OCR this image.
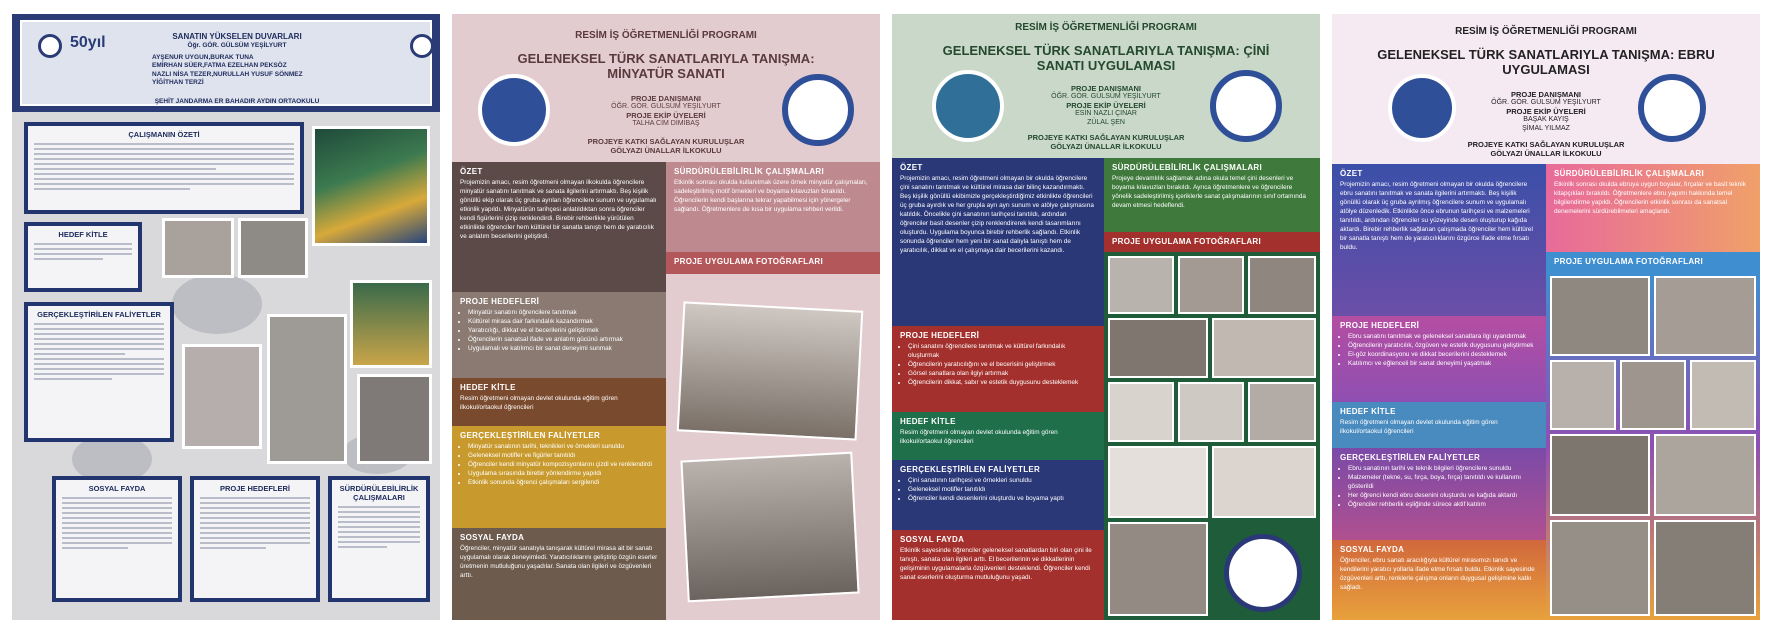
50yıl	SANATIN YÜKSELEN DUVARLARI
Öğr. GÖR. GÜLSÜM YEŞİLYURT
AYŞENUR UYGUN,BURAK TUNA
EMİRHAN SÜER,FATMA EZELHAN PEKSÖZ
NAZLI NİSA TEZER,NURULLAH YUSUF SÖNMEZ
YİĞİTHAN TERZİ
ŞEHİT JANDARMA ER BAHADIR AYDIN ORTAOKULU
ÇALIŞMANIN ÖZETİ
HEDEF KİTLE
GERÇEKLEŞTİRİLEN FALİYETLER
SOSYAL FAYDA	PROJE HEDEFLERİ	SÜRDÜRÜLEBİLİRLİK ÇALIŞMALARI
RESİM İŞ ÖĞRETMENLİĞİ PROGRAMI
GELENEKSEL TÜRK SANATLARIYLA TANIŞMA: MİNYATÜR SANATI
PROJE DANIŞMANI
ÖĞR. GÖR. GÜLSÜM YEŞİLYURT
PROJE EKİP ÜYELERİ
TALHA CİM DİMİBAŞ
PROJEYE KATKI SAĞLAYAN KURULUŞLAR
GÖLYAZI ÜNALLAR İLKOKULU
ÖZET
Projemizin amacı, resim öğretmeni olmayan ilkokulda öğrencilere minyatür sanatını tanıtmak ve sanata ilgilerini artırmaktı. Beş kişilik gönüllü ekip olarak üç gruba ayrılan öğrencilere sunum ve uygulamalı etkinlik yapıldı. Minyatürün tarihçesi anlatıldıktan sonra öğrenciler kendi figürlerini çizip renklendirdi. Birebir rehberlikle yürütülen etkinlikte öğrenciler hem kültürel bir sanatla tanıştı hem de yaratıcılık ve anlatım becerilerini geliştirdi.
PROJE HEDEFLERİ
• Minyatür sanatını öğrencilere tanıtmak
• Kültürel mirasa dair farkındalık kazandırmak
• Yaratıcılığı, dikkat ve el becerilerini geliştirmek
• Öğrencilerin sanatsal ifade ve anlatım gücünü artırmak
• Uygulamalı ve katılımcı bir sanat deneyimi sunmak
HEDEF KİTLE
Resim öğretmeni olmayan devlet okulunda eğitim gören ilkokul/ortaokul öğrencileri
GERÇEKLEŞTİRİLEN FALİYETLER
• Minyatür sanatının tarihi, teknikleri ve örnekleri sunuldu
• Geleneksel motifler ve figürler tanıtıldı
• Öğrenciler kendi minyatür kompozisyonlarını çizdi ve renklendirdi
• Uygulama sırasında birebir yönlendirme yapıldı
• Etkinlik sonunda öğrenci çalışmaları sergilendi
SOSYAL FAYDA
Öğrenciler, minyatür sanatıyla tanışarak kültürel mirasa ait bir sanatı uygulamalı olarak deneyimledi. Yaratıcılıklarını geliştirip özgün eserler üretmenin mutluluğunu yaşadılar. Sanata olan ilgileri ve özgüvenleri arttı.
SÜRDÜRÜLEBİLİRLİK ÇALIŞMALARI
Etkinlik sonrası okulda kullanılmak üzere örnek minyatür çalışmaları, sadeleştirilmiş motif örnekleri ve boyama kılavuzları bırakıldı. Öğrencilerin kendi başlarına tekrar yapabilmesi için yönergeler sağlandı. Öğretmenlere de kısa bir uygulama rehberi verildi.
PROJE UYGULAMA FOTOĞRAFLARI
RESİM İŞ ÖĞRETMENLİĞİ PROGRAMI
GELENEKSEL TÜRK SANATLARIYLA TANIŞMA: ÇİNİ SANATI UYGULAMASI
PROJE DANIŞMANI
ÖĞR. GÖR. GÜLSÜM YEŞİLYURT
PROJE EKİP ÜYELERİ
ESİN NAZLI ÇINAR
ZÜLAL ŞEN
PROJEYE KATKI SAĞLAYAN KURULUŞLAR
GÖLYAZI ÜNALLAR İLKOKULU
ÖZET
Projemizin amacı, resim öğretmeni olmayan bir okulda öğrencilere çini sanatını tanıtmak ve kültürel mirasa dair bilinç kazandırmaktı. Beş kişilik gönüllü ekibimizle gerçekleştirdiğimiz etkinlikte öğrencileri üç gruba ayırdık ve her grupla ayrı ayrı sunum ve atölye çalışmasına katıldık. Öncelikle çini sanatının tarihçesi tanıtıldı, ardından öğrenciler basit desenler çizip renklendirerek kendi tasarımlarını oluşturdu. Uygulama boyunca birebir rehberlik sağlandı. Etkinlik sonunda öğrenciler hem yeni bir sanat dalıyla tanıştı hem de yaratıcılık, dikkat ve el çalışmaya dair becerilerini kazandı.
PROJE HEDEFLERİ
• Çini sanatını öğrencilere tanıtmak ve kültürel farkındalık oluşturmak
• Öğrencilerin yaratıcılığını ve el becerisini geliştirmek
• Görsel sanatlara olan ilgiyi artırmak
• Öğrencilerin dikkat, sabır ve estetik duygusunu desteklemek
HEDEF KİTLE
Resim öğretmeni olmayan devlet okulunda eğitim gören ilkokul/ortaokul öğrencileri
GERÇEKLEŞTİRİLEN FALİYETLER
• Çini sanatının tarihçesi ve örnekleri sunuldu
• Geleneksel motifler tanıtıldı
• Öğrenciler kendi desenlerini oluşturdu ve boyama yaptı
SOSYAL FAYDA
Etkinlik sayesinde öğrenciler geleneksel sanatlardan biri olan çini ile tanıştı, sanata olan ilgileri arttı. El becerilerinin ve dikkatlerinin gelişiminin uygulamalarla özgüvenleri desteklendi. Öğrenciler kendi sanat eserlerini oluşturma mutluluğunu yaşadı.
SÜRDÜRÜLEBİLİRLİK ÇALIŞMALARI
Projeye devamlılık sağlamak adına okula temel çini desenleri ve boyama kılavuzları bırakıldı. Ayrıca öğretmenlere ve öğrencilere yönelik sadeleştirilmiş içeriklerle sanat çalışmalarının sınıf ortamında devam etmesi hedeflendi.
PROJE UYGULAMA FOTOĞRAFLARI
RESİM İŞ ÖĞRETMENLİĞİ PROGRAMI
GELENEKSEL TÜRK SANATLARIYLA TANIŞMA: EBRU UYGULAMASI
PROJE DANIŞMANI
ÖĞR. GÖR. GÜLSÜM YEŞİLYURT
PROJE EKİP ÜYELERİ
BAŞAK KAYIŞ
ŞİMAL YILMAZ
PROJEYE KATKI SAĞLAYAN KURULUŞLAR
GÖLYAZI ÜNALLAR İLKOKULU
ÖZET
Projemizin amacı, resim öğretmeni olmayan bir okulda öğrencilere ebru sanatını tanıtmak ve sanata ilgilerini artırmaktı. Beş kişilik gönüllü olarak üç gruba ayrılmış öğrencilere sunum ve uygulamalı atölye düzenledik. Etkinlikte önce ebrunun tarihçesi ve malzemeleri tanıtıldı, ardından öğrenciler su yüzeyinde desen oluşturup kağıda aktardı. Birebir rehberlik sağlanan çalışmada öğrenciler hem kültürel bir sanatla tanıştı hem de yaratıcılıklarını özgürce ifade etme fırsatı buldu.
PROJE HEDEFLERİ
• Ebru sanatını tanıtmak ve geleneksel sanatlara ilgi uyandırmak
• Öğrencilerin yaratıcılık, özgüven ve estetik duygusunu geliştirmek
• El-göz koordinasyonu ve dikkat becerilerini desteklemek
• Katılımcı ve eğlenceli bir sanat deneyimi yaşatmak
HEDEF KİTLE
Resim öğretmeni olmayan devlet okulunda eğitim gören ilkokul/ortaokul öğrencileri
GERÇEKLEŞTİRİLEN FALİYETLER
• Ebru sanatının tarihi ve teknik bilgileri öğrencilere sunuldu
• Malzemeler (tekne, su, fırça, boya, fırça) tanıtıldı ve kullanımı gösterildi
• Her öğrenci kendi ebru desenini oluşturdu ve kağıda aktardı
• Öğrenciler rehberlik eşliğinde sürece aktif katılım
SOSYAL FAYDA
Öğrenciler, ebru sanatı aracılığıyla kültürel mirasımızı tanıdı ve kendilerini yaratıcı yollarla ifade etme fırsatı buldu. Etkinlik sayesinde özgüvenleri arttı, renklerle çalışma onların duygusal gelişimine katkı sağladı.
SÜRDÜRÜLEBİLİRLİK ÇALIŞMALARI
Etkinlik sonrası okulda ebruya uygun boyalar, fırçalar ve basit teknik kitapçıkları bırakıldı. Öğretmenlere ebru yapımı hakkında temel bilgilendirme yapıldı. Öğrencilerin etkinlik sonrası da sanatsal denemelerini sürdürebilmeleri amaçlandı.
PROJE UYGULAMA FOTOĞRAFLARI
